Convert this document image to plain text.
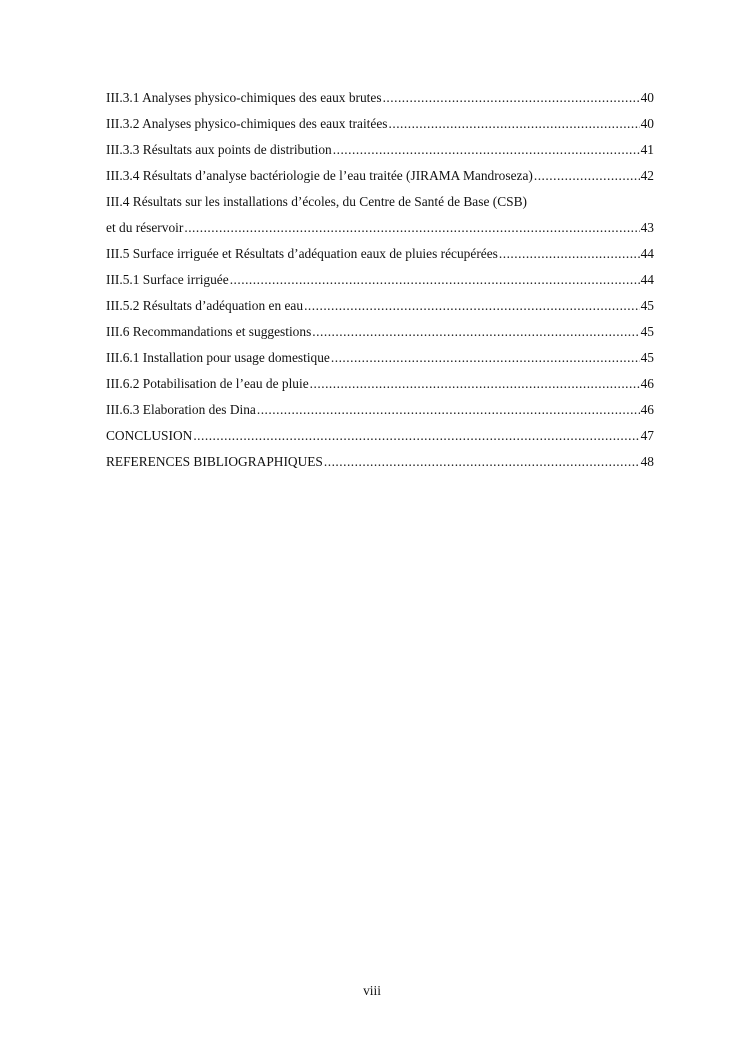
III.3.1 Analyses physico-chimiques des eaux brutes .....	40
III.3.2 Analyses physico-chimiques des eaux traitées .....	40
III.3.3 Résultats aux points de distribution .....	41
III.3.4 Résultats d’analyse bactériologie de l’eau traitée (JIRAMA Mandroseza) .....	42
III.4 Résultats sur les installations d’écoles, du Centre de Santé de Base (CSB)
et du réservoir .....	43
III.5 Surface irriguée et Résultats d’adéquation eaux de pluies récupérées .....	44
III.5.1 Surface irriguée .....	44
III.5.2 Résultats d’adéquation en eau .....	45
III.6 Recommandations et suggestions .....	45
III.6.1 Installation pour usage domestique .....	45
III.6.2 Potabilisation de l’eau de pluie .....	46
III.6.3 Elaboration des Dina .....	46
CONCLUSION .....	47
REFERENCES BIBLIOGRAPHIQUES .....	48
viii
